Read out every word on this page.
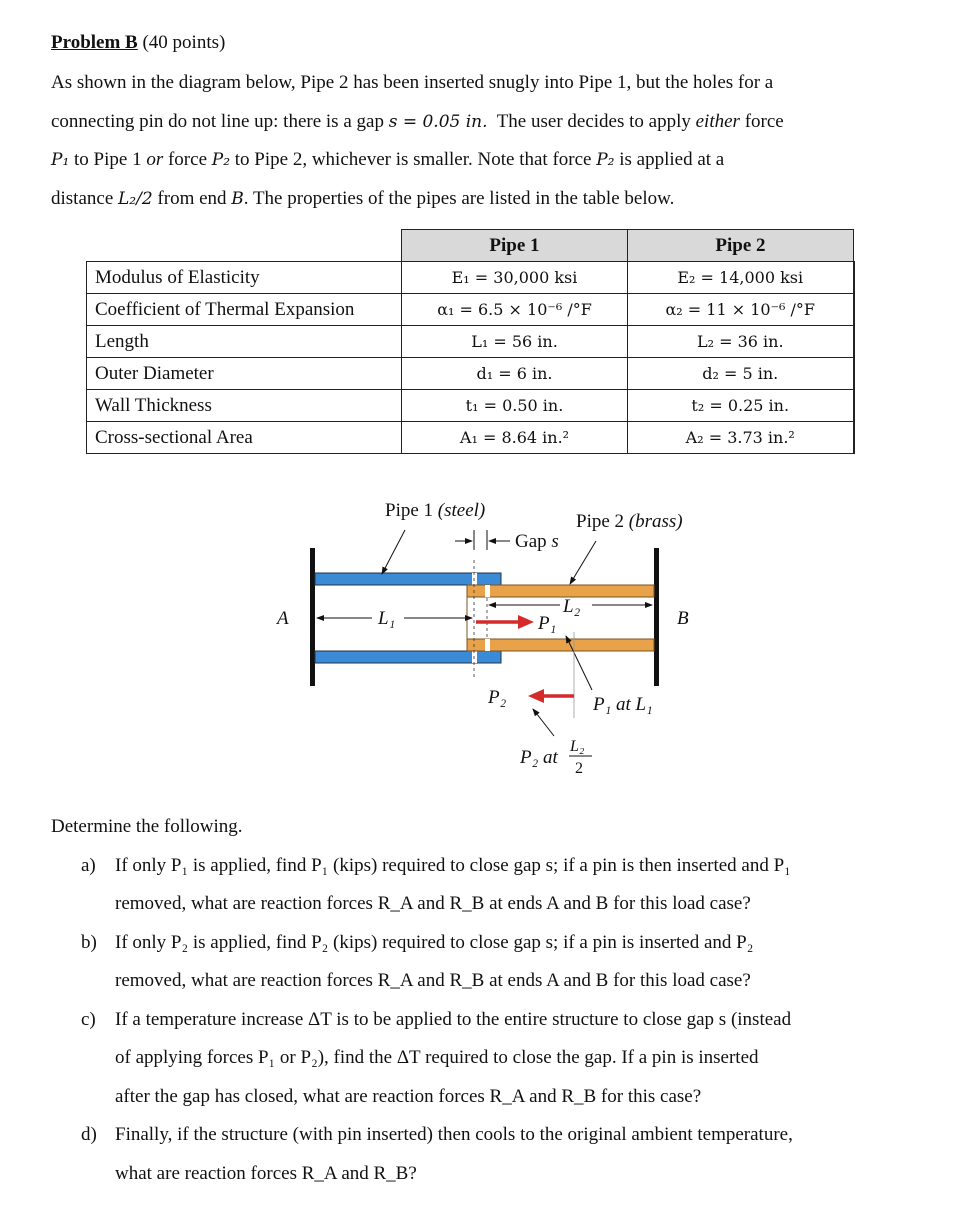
Problem B (40 points)

As shown in the diagram below, Pipe 2 has been inserted snugly into Pipe 1, but the holes for a

connecting pin do not line up: there is a gap s = 0.05 in. The user decides to apply either force

P₁ to Pipe 1 or force P₂ to Pipe 2, whichever is smaller. Note that force P₂ is applied at a

distance L₂/2 from end B. The properties of the pipes are listed in the table below.

	Pipe 1	Pipe 2
Modulus of Elasticity	E₁ = 30,000 ksi	E₂ = 14,000 ksi
Coefficient of Thermal Expansion	α₁ = 6.5 × 10⁻⁶ /°F	α₂ = 11 × 10⁻⁶ /°F
Length	L₁ = 56 in.	L₂ = 36 in.
Outer Diameter	d₁ = 6 in.	d₂ = 5 in.
Wall Thickness	t₁ = 0.50 in.	t₂ = 0.25 in.
Cross-sectional Area	A₁ = 8.64 in.²	A₂ = 3.73 in.²
Gap s
Pipe 1 (steel)
Pipe 2 (brass)
L₁
L₂
A	B
P₁
P₁ at L₁
P₂
P₂ at
L₂
2

Determine the following.

a) If only P₁ is applied, find P₁ (kips) required to close gap s; if a pin is then inserted and P₁

removed, what are reaction forces R_A and R_B at ends A and B for this load case?

b) If only P₂ is applied, find P₂ (kips) required to close gap s; if a pin is inserted and P₂

removed, what are reaction forces R_A and R_B at ends A and B for this load case?

c) If a temperature increase ΔT is to be applied to the entire structure to close gap s (instead

of applying forces P₁ or P₂), find the ΔT required to close the gap. If a pin is inserted

after the gap has closed, what are reaction forces R_A and R_B for this case?

d) Finally, if the structure (with pin inserted) then cools to the original ambient temperature,

what are reaction forces R_A and R_B?
